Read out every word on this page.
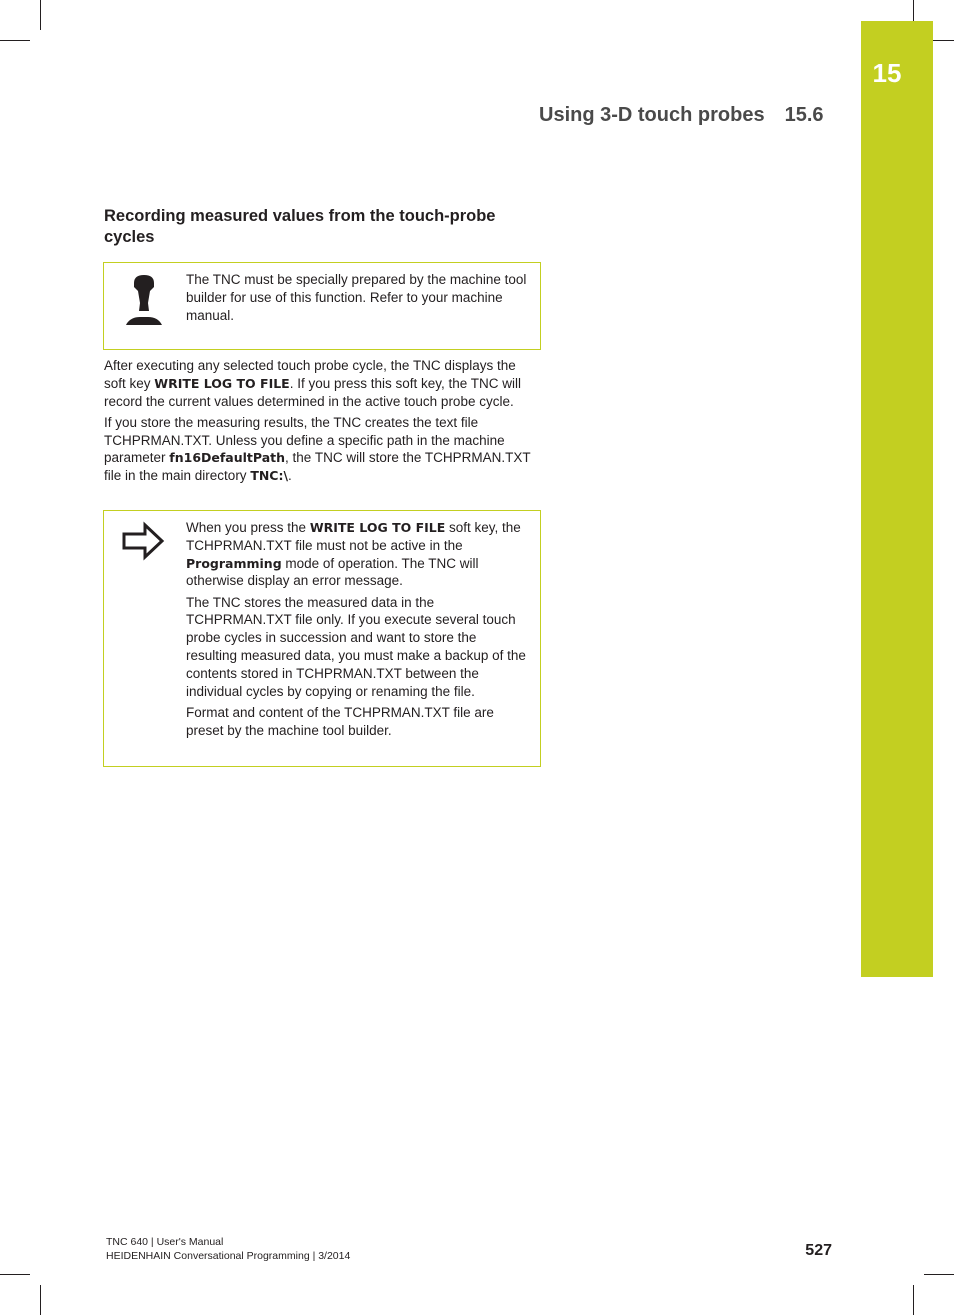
15
Using 3-D touch probes 15.6
Recording measured values from the touch-probe cycles
The TNC must be specially prepared by the machine tool builder for use of this function. Refer to your machine manual.

After executing any selected touch probe cycle, the TNC displays the soft key WRITE LOG TO FILE. If you press this soft key, the TNC will record the current values determined in the active touch probe cycle.

If you store the measuring results, the TNC creates the text file TCHPRMAN.TXT. Unless you define a specific path in the machine parameter fn16DefaultPath, the TNC will store the TCHPRMAN.TXT file in the main directory TNC:\.

When you press the WRITE LOG TO FILE soft key, the TCHPRMAN.TXT file must not be active in the Programming mode of operation. The TNC will otherwise display an error message.

The TNC stores the measured data in the TCHPRMAN.TXT file only. If you execute several touch probe cycles in succession and want to store the resulting measured data, you must make a backup of the contents stored in TCHPRMAN.TXT between the individual cycles by copying or renaming the file.

Format and content of the TCHPRMAN.TXT file are preset by the machine tool builder.

TNC 640 | User's Manual
HEIDENHAIN Conversational Programming | 3/2014	527
